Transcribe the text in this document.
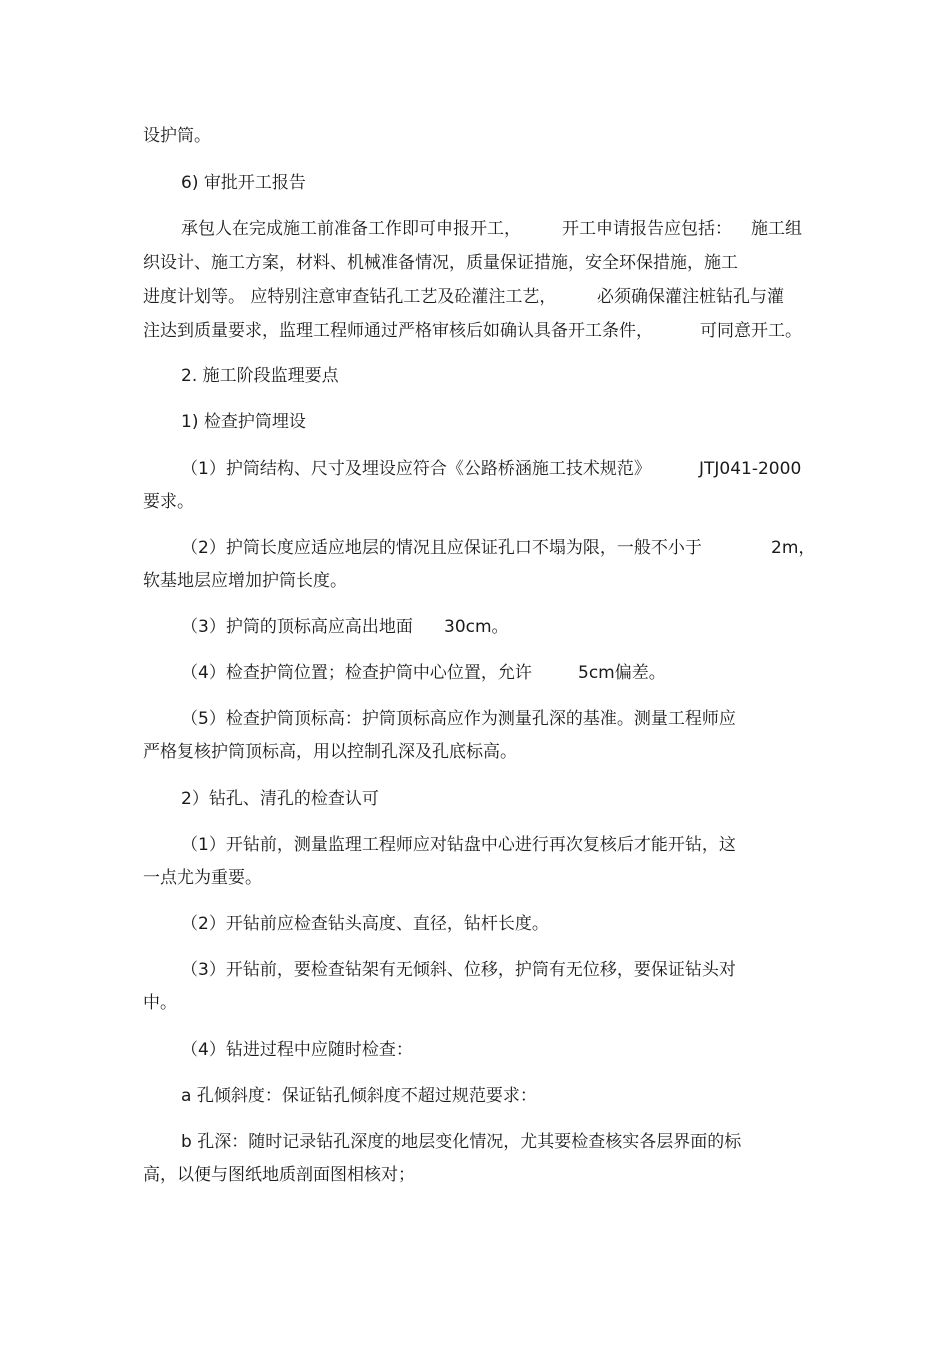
设护筒。

6) 审批开工报告

承包人在完成施工前准备工作即可申报开工， 开工申请报告应包括： 施工组

织设计、施工方案，材料、机械准备情况，质量保证措施，安全环保措施，施工

进度计划等。 应特别注意审查钻孔工艺及砼灌注工艺， 必须确保灌注桩钻孔与灌

注达到质量要求，监理工程师通过严格审核后如确认具备开工条件，	可同意开工。

2. 施工阶段监理要点

1) 检查护筒埋设

（1）护筒结构、尺寸及埋设应符合《公路桥涵施工技术规范》	JTJ041-2000

要求。

（2）护筒长度应适应地层的情况且应保证孔口不塌为限，一般不小于	2m，

软基地层应增加护筒长度。

（3）护筒的顶标高应高出地面 30cm。

（4）检查护筒位置；检查护筒中心位置，允许	5cm偏差。

（5）检查护筒顶标高：护筒顶标高应作为测量孔深的基准。测量工程师应

严格复核护筒顶标高，用以控制孔深及孔底标高。

2）钻孔、清孔的检查认可

（1）开钻前，测量监理工程师应对钻盘中心进行再次复核后才能开钻，这

一点尤为重要。

（2）开钻前应检查钻头高度、直径，钻杆长度。

（3）开钻前，要检查钻架有无倾斜、位移，护筒有无位移，要保证钻头对

中。

（4）钻进过程中应随时检查：

a 孔倾斜度：保证钻孔倾斜度不超过规范要求：

b 孔深：随时记录钻孔深度的地层变化情况，尤其要检查核实各层界面的标

高，以便与图纸地质剖面图相核对；
